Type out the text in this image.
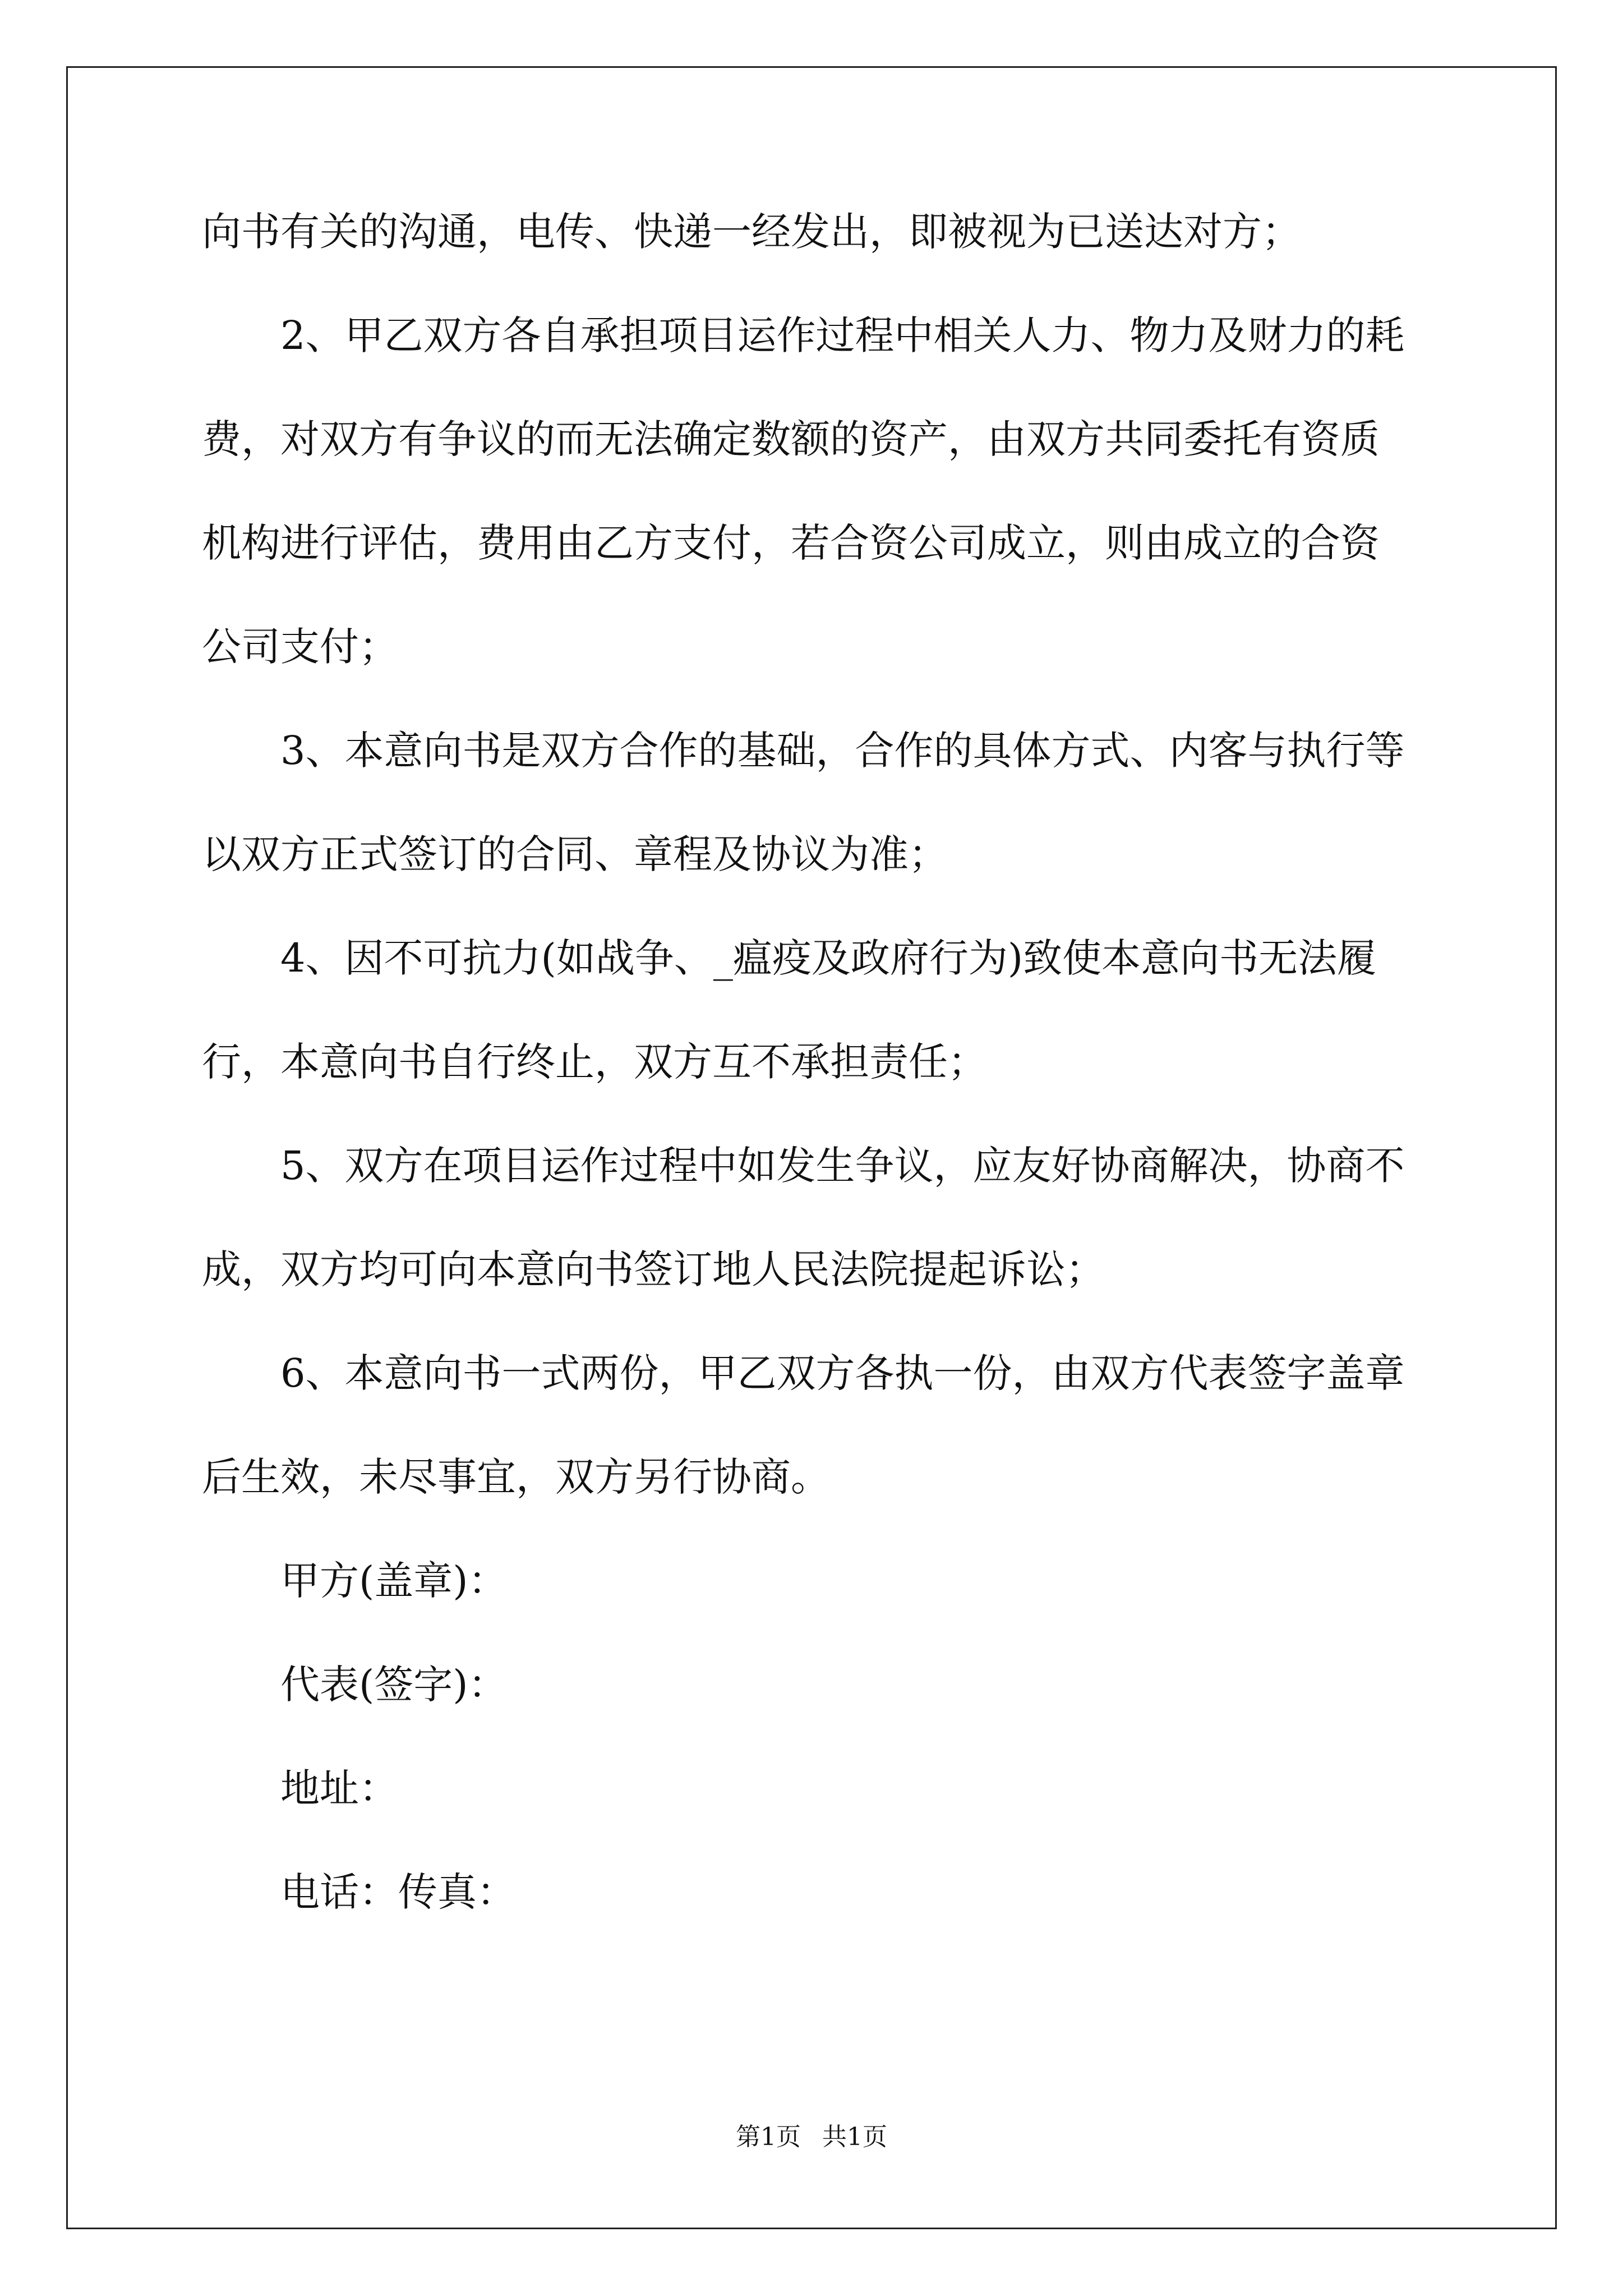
向书有关的沟通，电传、快递一经发出，即被视为已送达对方；
2、甲乙双方各自承担项目运作过程中相关人力、物力及财力的耗
费，对双方有争议的而无法确定数额的资产，由双方共同委托有资质
机构进行评估，费用由乙方支付，若合资公司成立，则由成立的合资
公司支付；
3、本意向书是双方合作的基础，合作的具体方式、内客与执行等
以双方正式签订的合同、章程及协议为准；
4、因不可抗力(如战争、_瘟疫及政府行为)致使本意向书无法履
行，本意向书自行终止，双方互不承担责任；
5、双方在项目运作过程中如发生争议，应友好协商解决，协商不
成，双方均可向本意向书签订地人民法院提起诉讼；
6、本意向书一式两份，甲乙双方各执一份，由双方代表签字盖章
后生效，未尽事宜，双方另行协商。
甲方(盖章)：
代表(签字)：
地址：
电话：传真：
第1页 共1页
